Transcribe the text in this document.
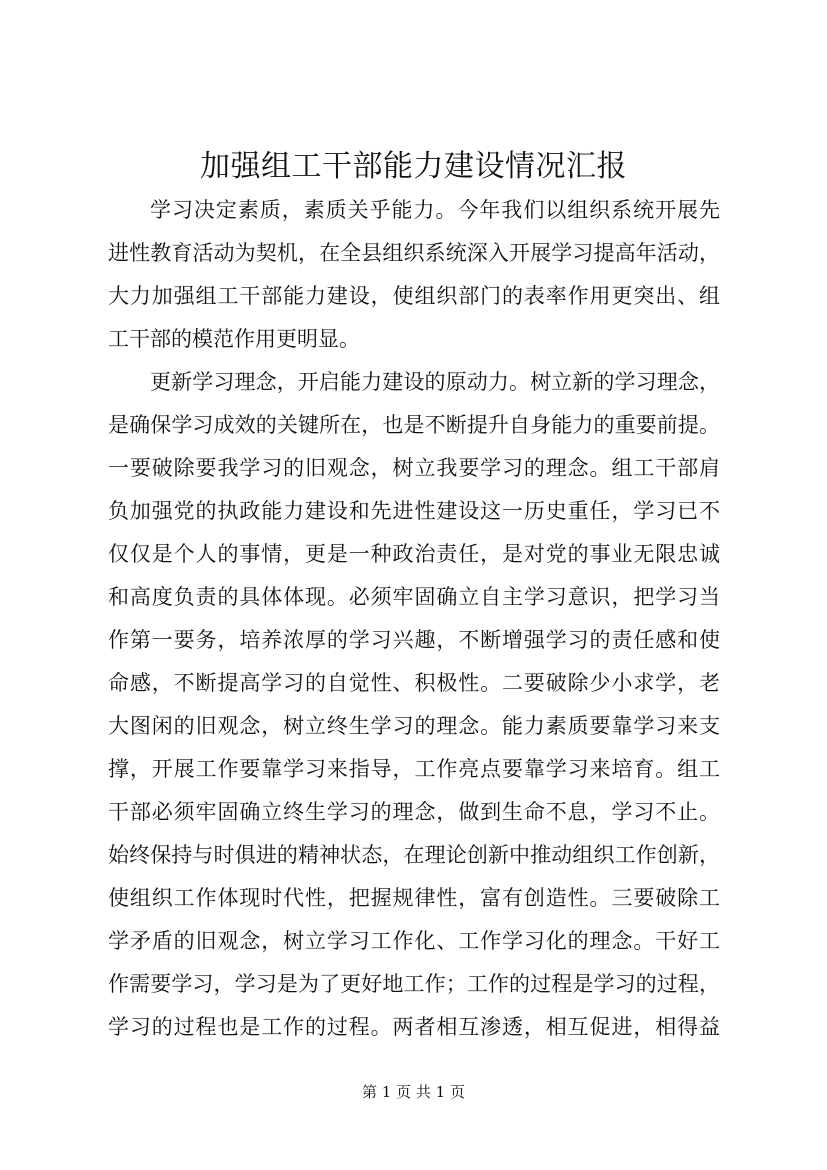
加强组工干部能力建设情况汇报

学习决定素质，素质关乎能力。今年我们以组织系统开展先

进性教育活动为契机，在全县组织系统深入开展学习提高年活动，

大力加强组工干部能力建设，使组织部门的表率作用更突出、组

工干部的模范作用更明显。

更新学习理念，开启能力建设的原动力。树立新的学习理念，

是确保学习成效的关键所在，也是不断提升自身能力的重要前提。

一要破除要我学习的旧观念，树立我要学习的理念。组工干部肩

负加强党的执政能力建设和先进性建设这一历史重任，学习已不

仅仅是个人的事情，更是一种政治责任，是对党的事业无限忠诚

和高度负责的具体体现。必须牢固确立自主学习意识，把学习当

作第一要务，培养浓厚的学习兴趣，不断增强学习的责任感和使

命感，不断提高学习的自觉性、积极性。二要破除少小求学，老

大图闲的旧观念，树立终生学习的理念。能力素质要靠学习来支

撑，开展工作要靠学习来指导，工作亮点要靠学习来培育。组工

干部必须牢固确立终生学习的理念，做到生命不息，学习不止。

始终保持与时俱进的精神状态，在理论创新中推动组织工作创新，

使组织工作体现时代性，把握规律性，富有创造性。三要破除工

学矛盾的旧观念，树立学习工作化、工作学习化的理念。干好工

作需要学习，学习是为了更好地工作；工作的过程是学习的过程，

学习的过程也是工作的过程。两者相互渗透，相互促进，相得益

第 1 页 共 1 页
